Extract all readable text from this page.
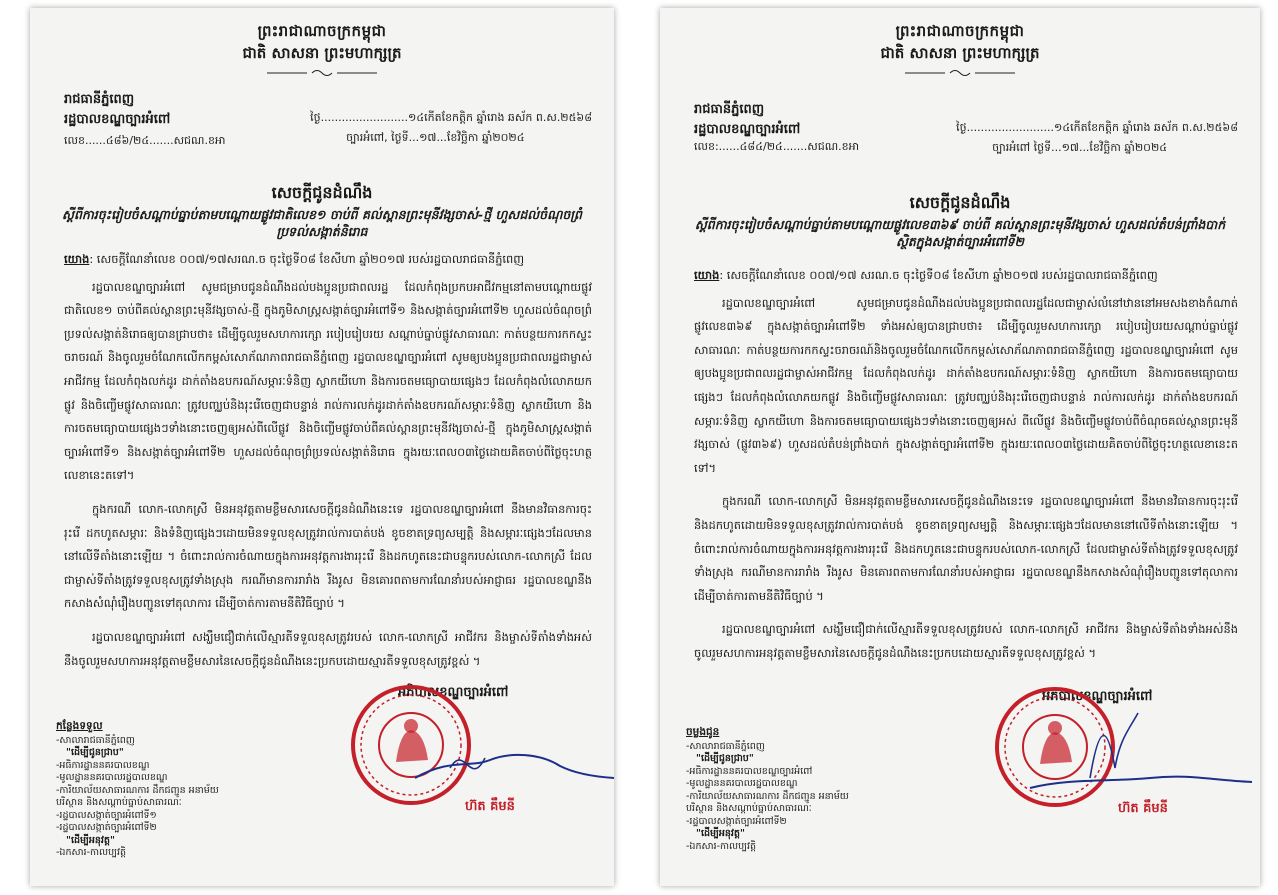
ព្រះរាជាណាចក្រកម្ពុជា
ជាតិ សាសនា ព្រះមហាក្សត្រ
រាជធានីភ្នំពេញ
រដ្ឋបាលខណ្ឌច្បារអំពៅ
លេខ......៤៨៦/២៤.......សជណ.ខអា
ថ្ងៃ.........................១៤កើតខែកត្តិក ឆ្នាំរោង ឆស័ក ព.ស.២៥៦៨
ច្បារអំពៅ, ថ្ងៃទី...១៧...ខែវិច្ឆិកា ឆ្នាំ២០២៤
សេចក្តីជូនដំណឹង
ស្តីពីការចុះរៀបចំសណ្តាប់ធ្នាប់តាមបណ្តោយផ្លូវជាតិលេខ១ ចាប់ពី គល់ស្ពានព្រះមុនីវង្សចាស់-ថ្មី ហួសដល់ចំណុចព្រំប្រទល់សង្កាត់និរោធ

យោង: សេចក្តីណែនាំលេខ ០០៧/១៧សរណ.ច ចុះថ្ងៃទី០៨ ខែសីហា ឆ្នាំ២០១៧ របស់រដ្ឋបាលរាជធានីភ្នំពេញ

រដ្ឋបាលខណ្ឌច្បារអំពៅ សូមជម្រាបជូនដំណឹងដល់បងប្អូនប្រជាពលរដ្ឋ ដែលកំពុងប្រកបអាជីវកម្មនៅតាមបណ្តោយផ្លូវជាតិលេខ១ ចាប់ពីគល់ស្ពានព្រះមុនីវង្សចាស់-ថ្មី ក្នុងភូមិសាស្ត្រសង្កាត់ច្បារអំពៅទី១ និងសង្កាត់ច្បារអំពៅទី២ ហួសដល់ចំណុចព្រំប្រទល់សង្កាត់និរោធឲ្យបានជ្រាបថា៖ ដើម្បីចូលរួមសហការក្សោ របៀបរៀបរយ សណ្តាប់ធ្នាប់ផ្លូវសាធារណៈ កាត់បន្ថយការកកស្ទះចរាចរណ៍ និងចូលរួមចំណែកលើកកម្ពស់សោភ័ណភាពរាជធានីភ្នំពេញ រដ្ឋបាលខណ្ឌច្បារអំពៅ សូមឲ្យបងប្អូនប្រជាពលរដ្ឋជាម្ចាស់អាជីវកម្ម ដែលកំពុងលក់ដូរ ដាក់តាំងឧបករណ៍សម្ភារៈទំនិញ ស្លាកយីហោ និងការចតមធ្យោបាយផ្សេងៗ ដែលកំពុងលំលោភយកផ្លូវ និងចិញ្ចើមផ្លូវសាធារណៈ ត្រូវបញ្ឈប់និងរុះរើចេញជាបន្ទាន់ រាល់ការលក់ដូរដាក់តាំងឧបករណ៍សម្ភារៈទំនិញ ស្លាកយីហោ និងការចតមធ្យោបាយផ្សេងៗទាំងនោះចេញឲ្យអស់ពីលើផ្លូវ និងចិញ្ចើមផ្លូវចាប់ពីគល់ស្ពានព្រះមុនីវង្សចាស់-ថ្មី ក្នុងភូមិសាស្ត្រសង្កាត់ច្បារអំពៅទី១ និងសង្កាត់ច្បារអំពៅទី២ ហួសដល់ចំណុចព្រំប្រទល់សង្កាត់និរោធ ក្នុងរយៈពេល០៣ថ្ងៃដោយគិតចាប់ពីថ្ងៃចុះហត្ថលេខានេះតទៅ។

ក្នុងករណី លោក-លោកស្រី មិនអនុវត្តតាមខ្លឹមសារសេចក្តីជូនដំណឹងនេះទេ រដ្ឋបាលខណ្ឌច្បារអំពៅ នឹងមានវិធានការចុះរុះរើ ដកហូតសម្ភារៈ និងទំនិញផ្សេងៗដោយមិនទទួលខុសត្រូវរាល់ការបាត់បង់ ខូចខាតទ្រព្យសម្បត្តិ និងសម្ភារៈផ្សេងៗដែលមាននៅលើទីតាំងនោះឡើយ ។ ចំពោះរាល់ការចំណាយក្នុងការអនុវត្តការងាររុះរើ និងដកហូតនេះជាបន្ទុករបស់លោក-លោកស្រី ដែលជាម្ចាស់ទីតាំងត្រូវទទួលខុសត្រូវទាំងស្រុង ករណីមានការរារាំង រឹងរូស មិនគោរពតាមការណែនាំរបស់អាជ្ញាធរ រដ្ឋបាលខណ្ឌនឹងកសាងសំណុំរឿងបញ្ជូនទៅតុលាការ ដើម្បីចាត់ការតាមនីតិវិធីច្បាប់ ។

រដ្ឋបាលខណ្ឌច្បារអំពៅ សង្ឃឹមជឿជាក់លើស្មារតីទទួលខុសត្រូវរបស់ លោក-លោកស្រី អាជីវករ និងម្ចាស់ទីតាំងទាំងអស់នឹងចូលរួមសហការអនុវត្តតាមខ្លឹមសារនៃសេចក្តីជូនដំណឹងនេះប្រកបដោយស្មារតីទទួលខុសត្រូវខ្ពស់ ។

អភិបាលខណ្ឌច្បារអំពៅ
ហ៊ត គឹមនី
កន្លែងទទួល
-សាលារាជធានីភ្នំពេញ
"ដើម្បីជូនជ្រាប"
-អធិការដ្ឋាននគរបាលខណ្ឌ
-មូលដ្ឋាននគរបាលរដ្ឋបាលខណ្ឌ
-ការិយាល័យសាធារណការ ដឹកជញ្ជូន អនាម័យ
បរិស្ថាន និងសណ្តាប់ធ្នាប់សាធារណៈ
-រដ្ឋបាលសង្កាត់ច្បារអំពៅទី១
-រដ្ឋបាលសង្កាត់ច្បារអំពៅទី២
"ដើម្បីអនុវត្ត"
-ឯកសារ-កាលប្បវត្តិ
ព្រះរាជាណាចក្រកម្ពុជា
ជាតិ សាសនា ព្រះមហាក្សត្រ
រាជធានីភ្នំពេញ
រដ្ឋបាលខណ្ឌច្បារអំពៅ
លេខ:......៤៨៤/២៤.......សជណ.ខអា
ថ្ងៃ.........................១៤កើតខែកត្តិក ឆ្នាំរោង ឆស័ក ព.ស.២៥៦៨
ច្បារអំពៅ ថ្ងៃទី...១៧...ខែវិច្ឆិកា ឆ្នាំ២០២៤
សេចក្តីជូនដំណឹង
ស្តីពីការចុះរៀបចំសណ្តាប់ធ្នាប់តាមបណ្តោយផ្លូវលេខ៣៦៩ ចាប់ពី គល់ស្ពានព្រះមុនីវង្សចាស់ ហួសដល់តំបន់ព្រាំងបាក់ ស្ថិតក្នុងសង្កាត់ច្បារអំពៅទី២

យោង: សេចក្តីណែនាំលេខ ០០៧/១៧ សរណ.ច ចុះថ្ងៃទី០៨ ខែសីហា ឆ្នាំ២០១៧ របស់រដ្ឋបាលរាជធានីភ្នំពេញ

រដ្ឋបាលខណ្ឌច្បារអំពៅ សូមជម្រាបជូនដំណឹងដល់បងប្អូនប្រជាពលរដ្ឋដែលជាម្ចាស់លំនៅឋាននៅអមសងខាងកំណាត់ផ្លូវលេខ៣៦៩ ក្នុងសង្កាត់ច្បារអំពៅទី២ ទាំងអស់ឲ្យបានជ្រាបថា៖ ដើម្បីចូលរួមសហការក្សោ របៀបរៀបរយសណ្តាប់ធ្នាប់ផ្លូវសាធារណៈ កាត់បន្ថយការកកស្ទះចរាចរណ៍និងចូលរួមចំណែកលើកកម្ពស់សោភ័ណភាពរាជធានីភ្នំពេញ រដ្ឋបាលខណ្ឌច្បារអំពៅ សូមឲ្យបងប្អូនប្រជាពលរដ្ឋជាម្ចាស់អាជីវកម្ម ដែលកំពុងលក់ដូរ ដាក់តាំងឧបករណ៍សម្ភារៈទំនិញ ស្លាកយីហោ និងការចតមធ្យោបាយផ្សេងៗ ដែលកំពុងលំលោភយកផ្លូវ និងចិញ្ចើមផ្លូវសាធារណៈ ត្រូវបញ្ឈប់និងរុះរើចេញជាបន្ទាន់ រាល់ការលក់ដូរ ដាក់តាំងឧបករណ៍សម្ភារៈទំនិញ ស្លាកយីហោ និងការចតមធ្យោបាយផ្សេងៗទាំងនោះចេញឲ្យអស់ ពីលើផ្លូវ និងចិញ្ចើមផ្លូវចាប់ពីចំណុចគល់ស្ពានព្រះមុនីវង្សចាស់ (ផ្លូវ៣៦៩) ហួសដល់តំបន់ព្រាំងបាក់ ក្នុងសង្កាត់ច្បារអំពៅទី២ ក្នុងរយៈពេល០៣ថ្ងៃដោយគិតចាប់ពីថ្ងៃចុះហត្ថលេខានេះតទៅ។

ក្នុងករណី លោក-លោកស្រី មិនអនុវត្តតាមខ្លឹមសារសេចក្តីជូនដំណឹងនេះទេ រដ្ឋបាលខណ្ឌច្បារអំពៅ នឹងមានវិធានការចុះរុះរើ និងដកហូតដោយមិនទទួលខុសត្រូវរាល់ការបាត់បង់ ខូចខាតទ្រព្យសម្បត្តិ និងសម្ភារៈផ្សេងៗដែលមាននៅលើទីតាំងនោះឡើយ ។ ចំពោះរាល់ការចំណាយក្នុងការអនុវត្តការងាររុះរើ និងដកហូតនេះជាបន្ទុករបស់លោក-លោកស្រី ដែលជាម្ចាស់ទីតាំងត្រូវទទួលខុសត្រូវទាំងស្រុង ករណីមានការរារាំង រឹងរូស មិនគោរពតាមការណែនាំរបស់អាជ្ញាធរ រដ្ឋបាលខណ្ឌនឹងកសាងសំណុំរឿងបញ្ជូនទៅតុលាការ ដើម្បីចាត់ការតាមនីតិវិធីច្បាប់ ។

រដ្ឋបាលខណ្ឌច្បារអំពៅ សង្ឃឹមជឿជាក់លើស្មារតីទទួលខុសត្រូវរបស់ លោក-លោកស្រី អាជីវករ និងម្ចាស់ទីតាំងទាំងអស់នឹងចូលរួមសហការអនុវត្តតាមខ្លឹមសារនៃសេចក្តីជូនដំណឹងនេះប្រកបដោយស្មារតីទទួលខុសត្រូវខ្ពស់ ។

អភិបាលខណ្ឌច្បារអំពៅ
ហ៊ត គឹមនី
ចម្លងជូន
-សាលារាជធានីភ្នំពេញ
"ដើម្បីជូនជ្រាប"
-អធិការដ្ឋាននគរបាលខណ្ឌច្បារអំពៅ
-មូលដ្ឋាននគរបាលរដ្ឋបាលខណ្ឌ
-ការិយាល័យសាធារណការ ដឹកជញ្ជូន អនាម័យ
បរិស្ថាន និងសណ្តាប់ធ្នាប់សាធារណៈ
-រដ្ឋបាលសង្កាត់ច្បារអំពៅទី២
"ដើម្បីអនុវត្ត"
-ឯកសារ-កាលប្បវត្តិ
